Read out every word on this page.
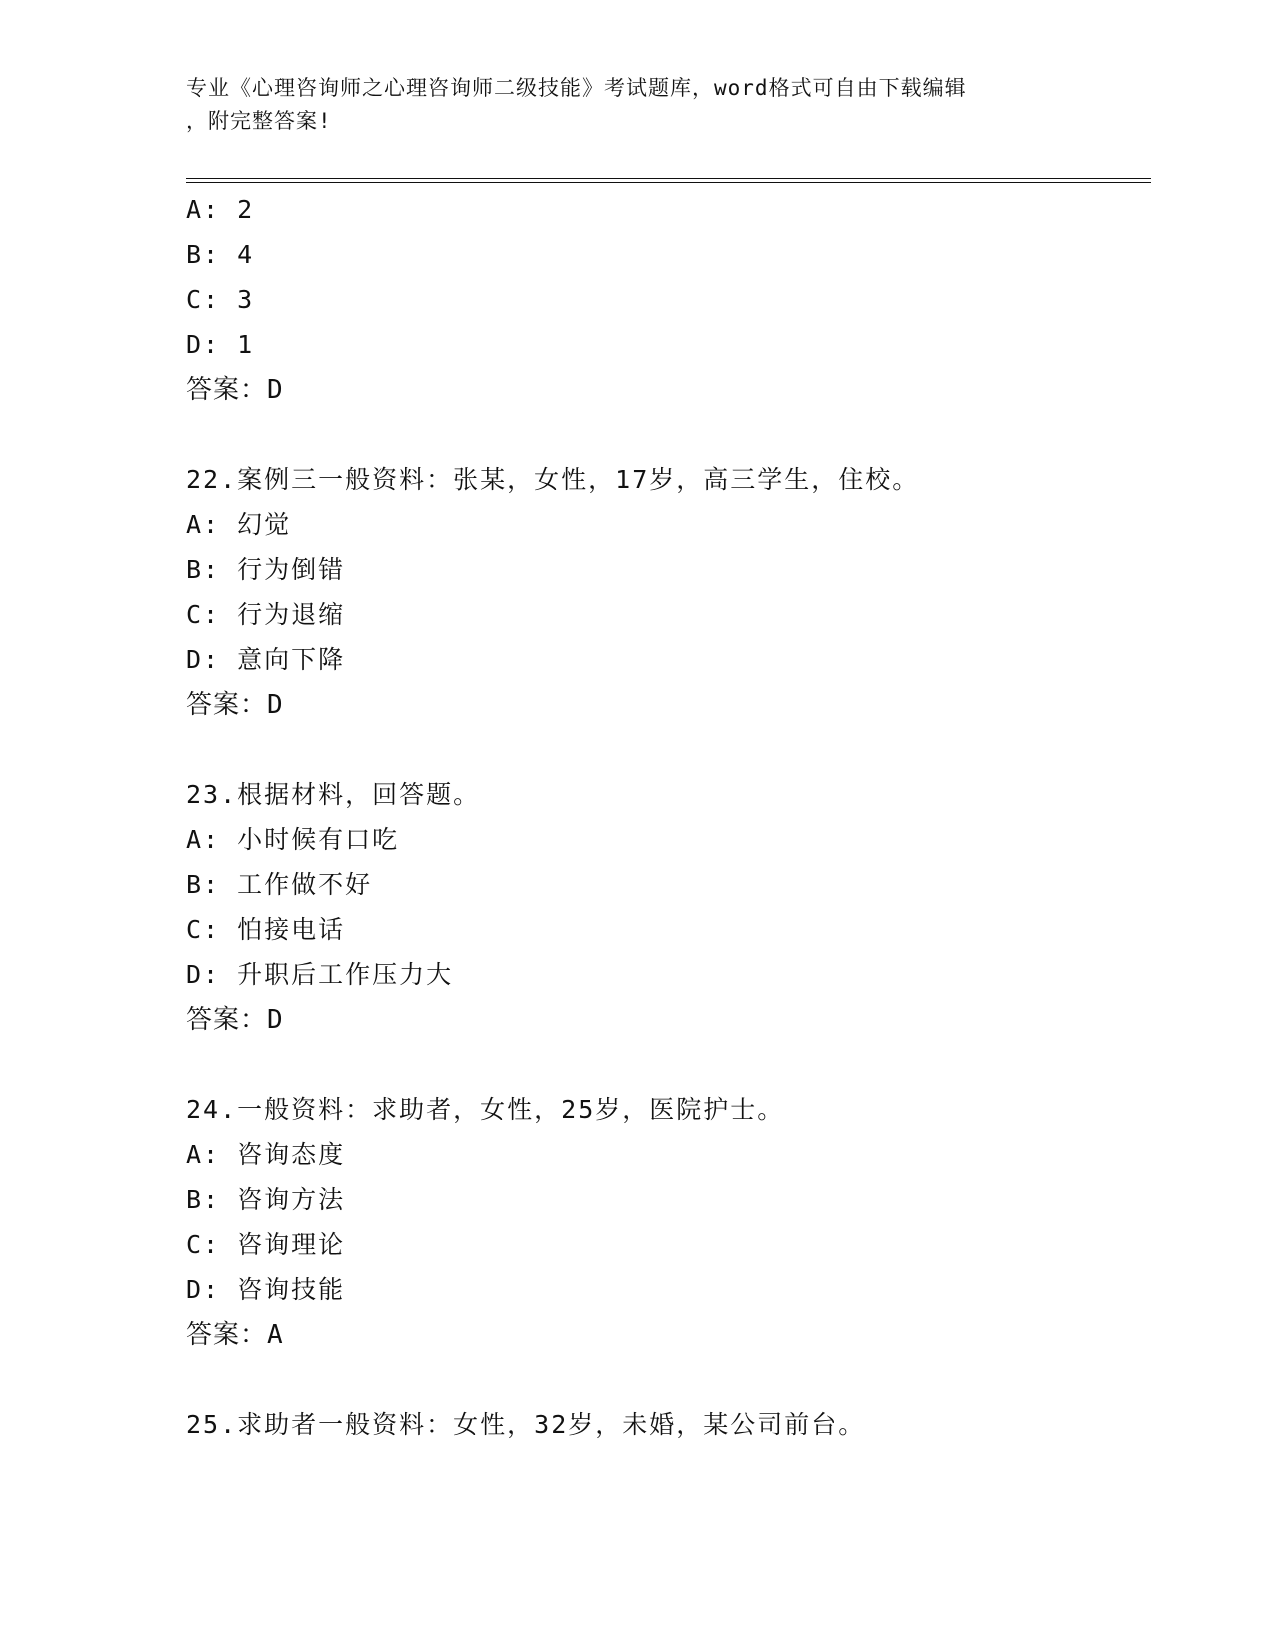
专业《心理咨询师之心理咨询师二级技能》考试题库，word格式可自由下载编辑
，附完整答案!
A: 2
B: 4
C: 3
D: 1
答案：D
22.案例三一般资料：张某，女性，17岁，高三学生，住校。
A: 幻觉
B: 行为倒错
C: 行为退缩
D: 意向下降
答案：D
23.根据材料，回答题。
A: 小时候有口吃
B: 工作做不好
C: 怕接电话
D: 升职后工作压力大
答案：D
24.一般资料：求助者，女性，25岁，医院护士。
A: 咨询态度
B: 咨询方法
C: 咨询理论
D: 咨询技能
答案：A
25.求助者一般资料：女性，32岁，未婚，某公司前台。
